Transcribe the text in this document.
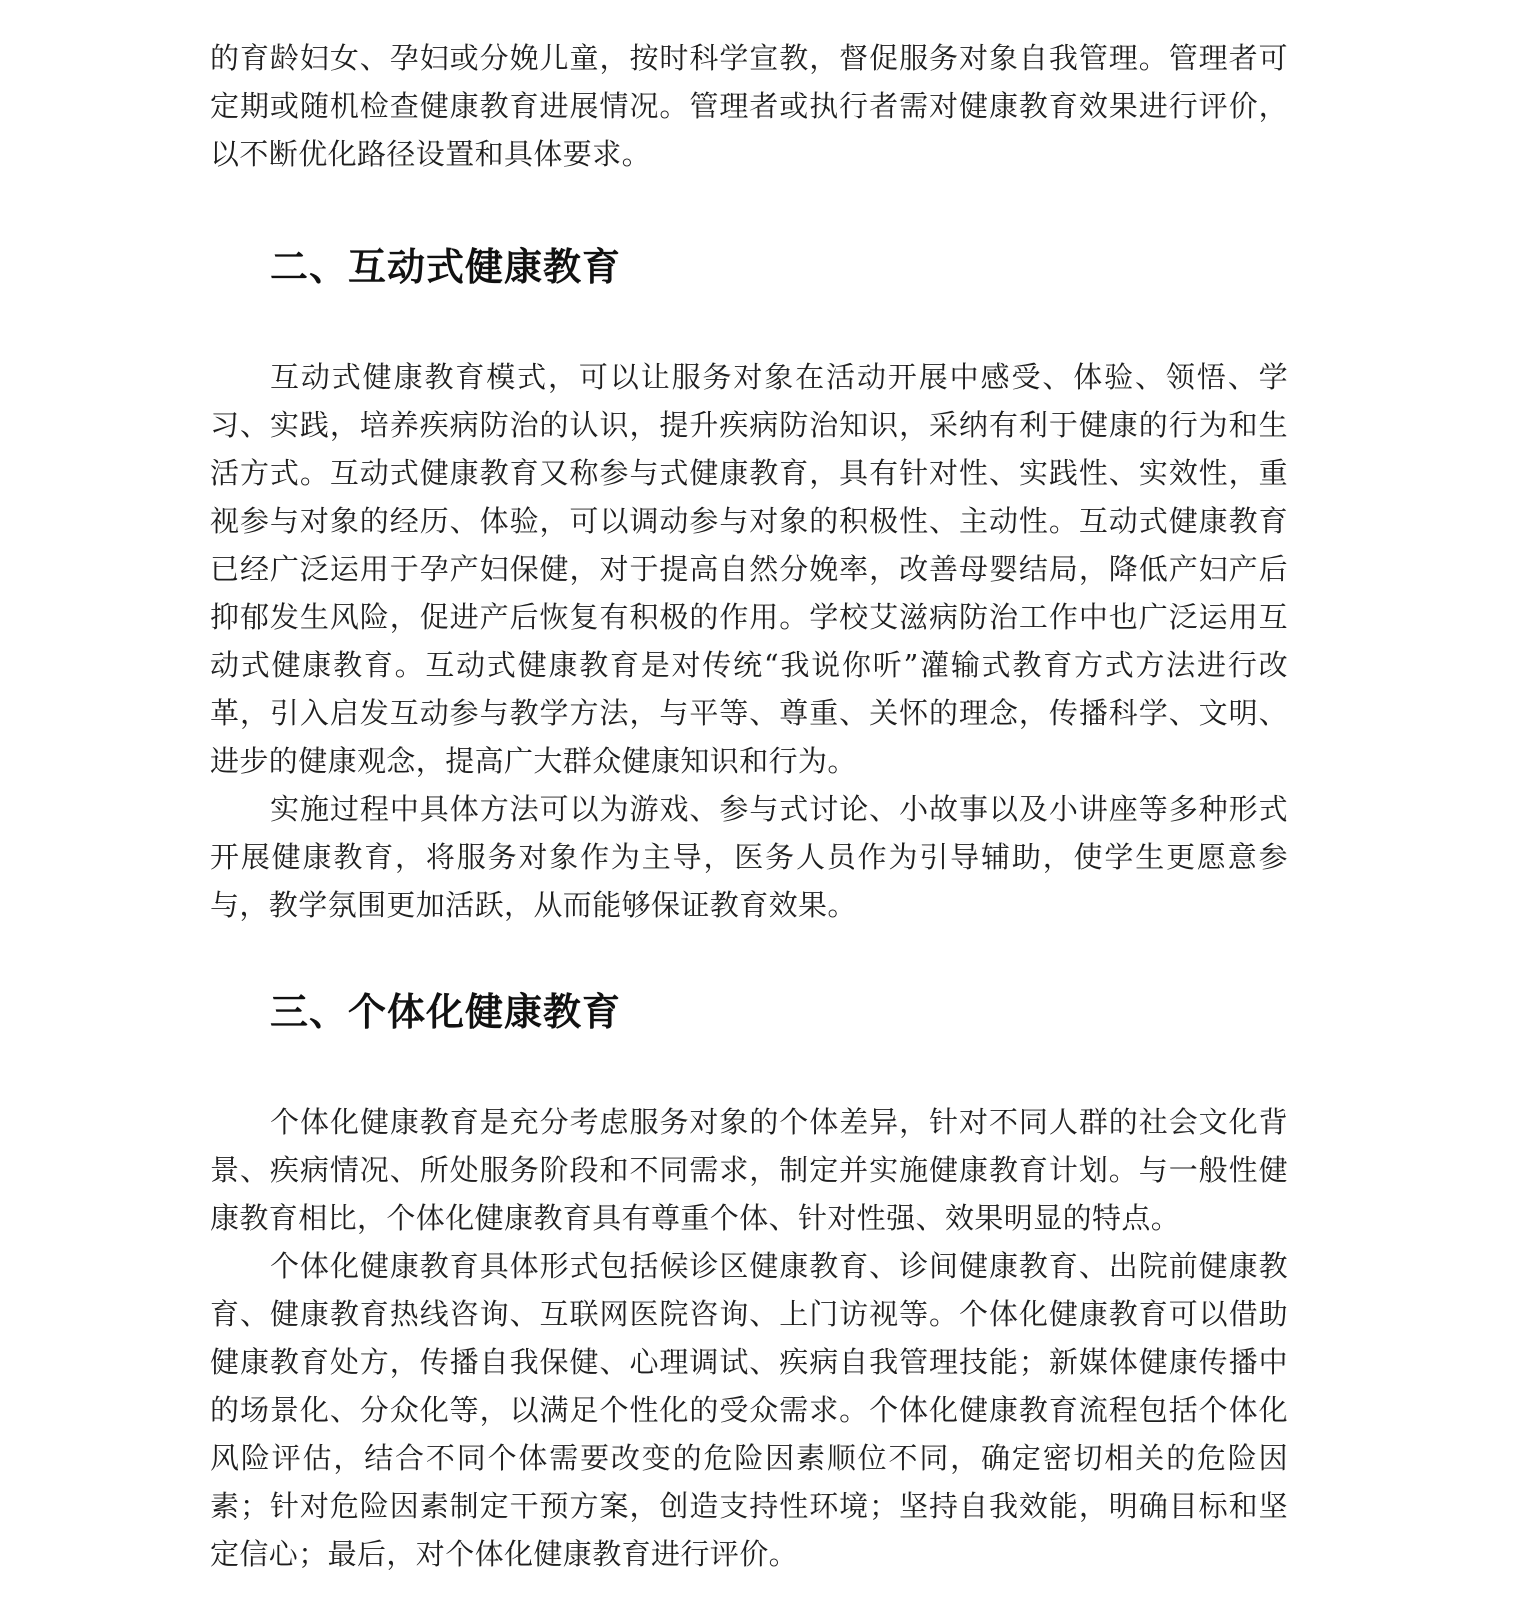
的育龄妇女、孕妇或分娩儿童，按时科学宣教，督促服务对象自我管理。管理者可定期或随机检查健康教育进展情况。管理者或执行者需对健康教育效果进行评价，以不断优化路径设置和具体要求。

二、互动式健康教育

互动式健康教育模式，可以让服务对象在活动开展中感受、体验、领悟、学习、实践，培养疾病防治的认识，提升疾病防治知识，采纳有利于健康的行为和生活方式。互动式健康教育又称参与式健康教育，具有针对性、实践性、实效性，重视参与对象的经历、体验，可以调动参与对象的积极性、主动性。互动式健康教育已经广泛运用于孕产妇保健，对于提高自然分娩率，改善母婴结局，降低产妇产后抑郁发生风险，促进产后恢复有积极的作用。学校艾滋病防治工作中也广泛运用互动式健康教育。互动式健康教育是对传统“我说你听”灌输式教育方式方法进行改革，引入启发互动参与教学方法，与平等、尊重、关怀的理念，传播科学、文明、进步的健康观念，提高广大群众健康知识和行为。

实施过程中具体方法可以为游戏、参与式讨论、小故事以及小讲座等多种形式开展健康教育，将服务对象作为主导，医务人员作为引导辅助，使学生更愿意参与，教学氛围更加活跃，从而能够保证教育效果。

三、个体化健康教育

个体化健康教育是充分考虑服务对象的个体差异，针对不同人群的社会文化背景、疾病情况、所处服务阶段和不同需求，制定并实施健康教育计划。与一般性健康教育相比，个体化健康教育具有尊重个体、针对性强、效果明显的特点。

个体化健康教育具体形式包括候诊区健康教育、诊间健康教育、出院前健康教育、健康教育热线咨询、互联网医院咨询、上门访视等。个体化健康教育可以借助健康教育处方，传播自我保健、心理调试、疾病自我管理技能；新媒体健康传播中的场景化、分众化等，以满足个性化的受众需求。个体化健康教育流程包括个体化风险评估，结合不同个体需要改变的危险因素顺位不同，确定密切相关的危险因素；针对危险因素制定干预方案，创造支持性环境；坚持自我效能，明确目标和坚定信心；最后，对个体化健康教育进行评价。
